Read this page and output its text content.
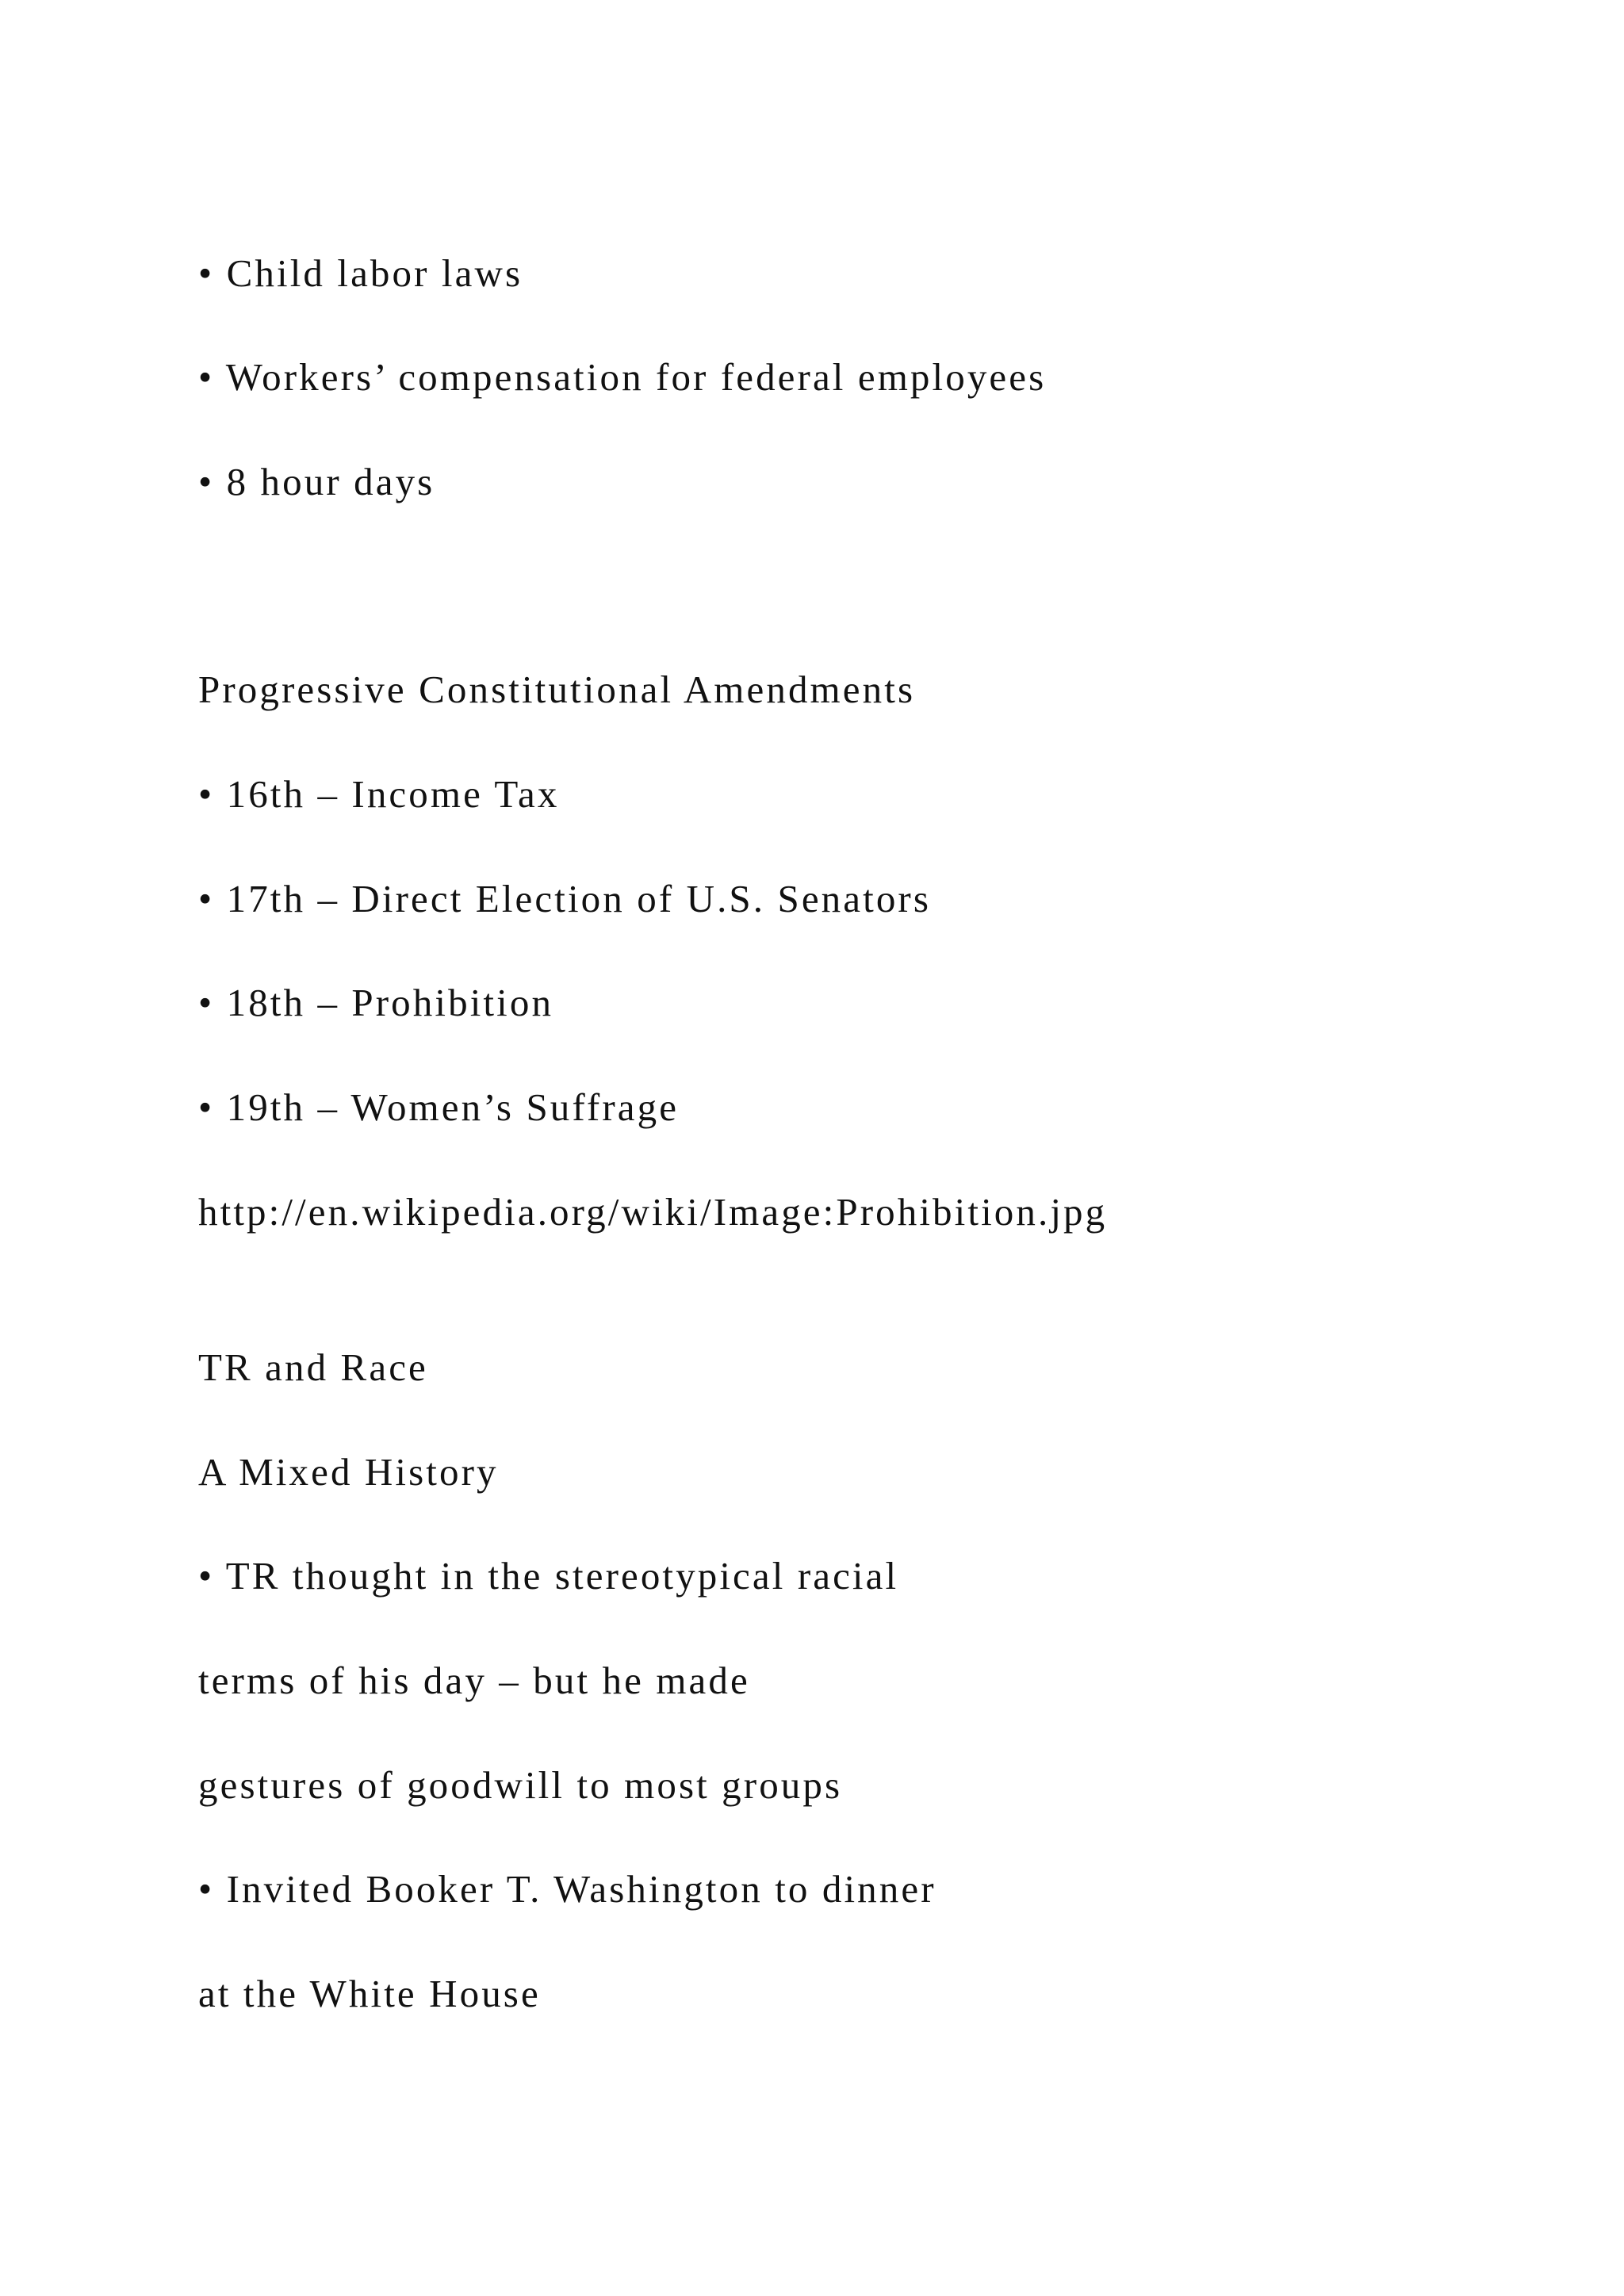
• Child labor laws

• Workers’ compensation for federal employees

• 8 hour days

Progressive Constitutional Amendments

• 16th – Income Tax

• 17th – Direct Election of U.S. Senators

• 18th – Prohibition

• 19th – Women’s Suffrage

http://en.wikipedia.org/wiki/Image:Prohibition.jpg

TR and Race

A Mixed History

• TR thought in the stereotypical racial

terms of his day – but he made

gestures of goodwill to most groups

• Invited Booker T. Washington to dinner

at the White House
